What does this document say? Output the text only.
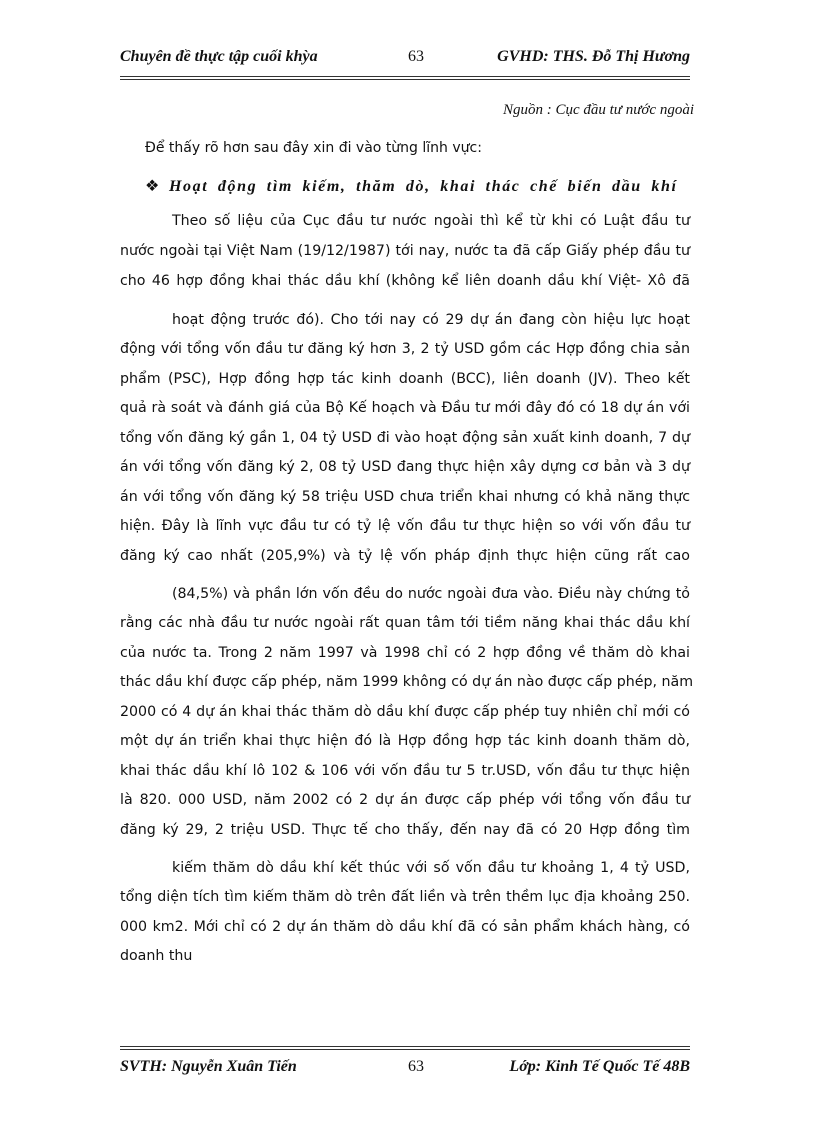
Chuyên đề thực tập cuối khỳa	63	GVHD: THS. Đỗ Thị Hương
Nguồn : Cục đầu tư nước ngoài
Để thấy rõ hơn sau đây xin đi vào từng lĩnh vực:
❖ Hoạt động tìm kiếm, thăm dò, khai thác chế biến dầu khí
Theo số liệu của Cục đầu tư nước ngoài thì kể từ khi có Luật đầu tư
nước ngoài tại Việt Nam (19/12/1987) tới nay, nước ta đã cấp Giấy phép đầu tư
cho 46 hợp đồng khai thác dầu khí (không kể liên doanh dầu khí Việt- Xô đã
hoạt động trước đó). Cho tới nay có 29 dự án đang còn hiệu lực hoạt
động với tổng vốn đầu tư đăng ký hơn 3, 2 tỷ USD gồm các Hợp đồng chia sản
phẩm (PSC), Hợp đồng hợp tác kinh doanh (BCC), liên doanh (JV). Theo kết
quả rà soát và đánh giá của Bộ Kế hoạch và Đầu tư mới đây đó có 18 dự án với
tổng vốn đăng ký gần 1, 04 tỷ USD đi vào hoạt động sản xuất kinh doanh, 7 dự
án với tổng vốn đăng ký 2, 08 tỷ USD đang thực hiện xây dựng cơ bản và 3 dự
án với tổng vốn đăng ký 58 triệu USD chưa triển khai nhưng có khả năng thực
hiện. Đây là lĩnh vực đầu tư có tỷ lệ vốn đầu tư thực hiện so với vốn đầu tư
đăng ký cao nhất (205,9%) và tỷ lệ vốn pháp định thực hiện cũng rất cao
(84,5%) và phần lớn vốn đều do nước ngoài đưa vào. Điều này chứng tỏ
rằng các nhà đầu tư nước ngoài rất quan tâm tới tiềm năng khai thác dầu khí
của nước ta. Trong 2 năm 1997 và 1998 chỉ có 2 hợp đồng về thăm dò khai
thác dầu khí được cấp phép, năm 1999 không có dự án nào được cấp phép, năm
2000 có 4 dự án khai thác thăm dò dầu khí được cấp phép tuy nhiên chỉ mới có
một dự án triển khai thực hiện đó là Hợp đồng hợp tác kinh doanh thăm dò,
khai thác dầu khí lô 102 & 106 với vốn đầu tư 5 tr.USD, vốn đầu tư thực hiện
là 820. 000 USD, năm 2002 có 2 dự án được cấp phép với tổng vốn đầu tư
đăng ký 29, 2 triệu USD. Thực tế cho thấy, đến nay đã có 20 Hợp đồng tìm
kiếm thăm dò dầu khí kết thúc với số vốn đầu tư khoảng 1, 4 tỷ USD,
tổng diện tích tìm kiếm thăm dò trên đất liền và trên thềm lục địa khoảng 250.
000 km2. Mới chỉ có 2 dự án thăm dò dầu khí đã có sản phẩm khách hàng, có
doanh thu
SVTH: Nguyễn Xuân Tiến	63	Lớp: Kinh Tế Quốc Tế 48B
